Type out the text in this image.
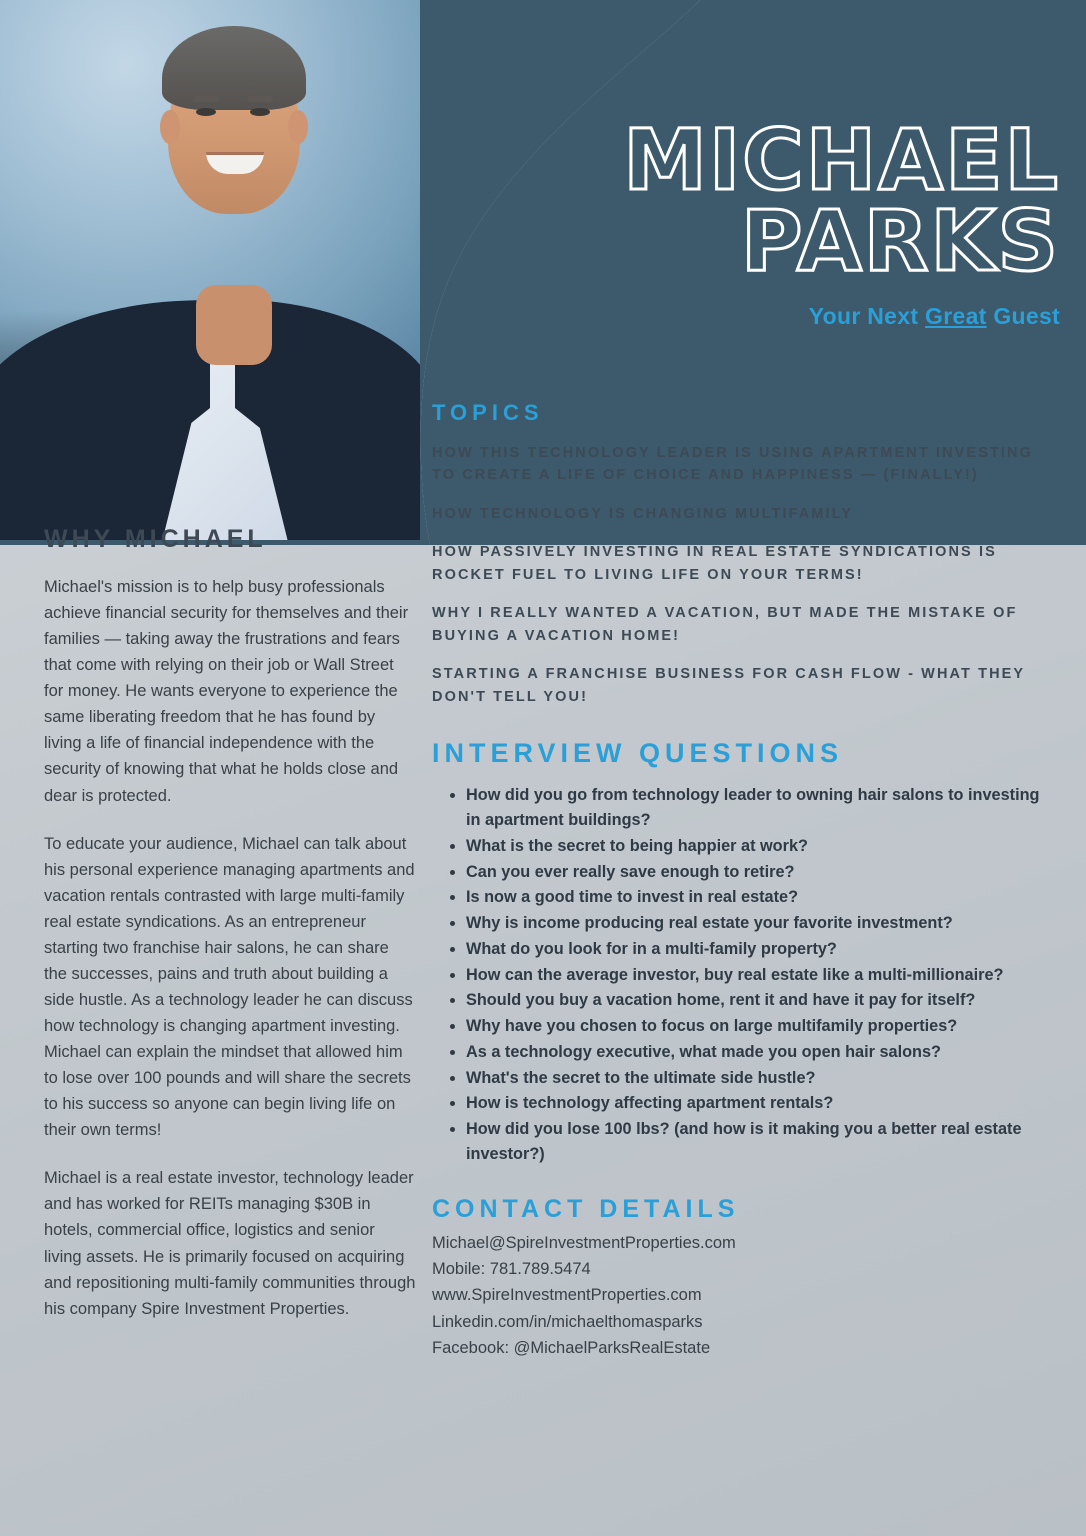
MICHAEL
PARKS
Your Next Great Guest
WHY MICHAEL

Michael's mission is to help busy professionals achieve financial security for themselves and their families — taking away the frustrations and fears that come with relying on their job or Wall Street for money. He wants everyone to experience the same liberating freedom that he has found by living a life of financial independence with the security of knowing that what he holds close and dear is protected.

To educate your audience, Michael can talk about his personal experience managing apartments and vacation rentals contrasted with large multi-family real estate syndications. As an entrepreneur starting two franchise hair salons, he can share the successes, pains and truth about building a side hustle. As a technology leader he can discuss how technology is changing apartment investing. Michael can explain the mindset that allowed him to lose over 100 pounds and will share the secrets to his success so anyone can begin living life on their own terms!

Michael is a real estate investor, technology leader and has worked for REITs managing $30B in hotels, commercial office, logistics and senior living assets. He is primarily focused on acquiring and repositioning multi-family communities through his company Spire Investment Properties.

TOPICS
HOW THIS TECHNOLOGY LEADER IS USING APARTMENT INVESTING TO CREATE A LIFE OF CHOICE AND HAPPINESS — (FINALLY!)
HOW TECHNOLOGY IS CHANGING MULTIFAMILY
HOW PASSIVELY INVESTING IN REAL ESTATE SYNDICATIONS IS ROCKET FUEL TO LIVING LIFE ON YOUR TERMS!
WHY I REALLY WANTED A VACATION, BUT MADE THE MISTAKE OF BUYING A VACATION HOME!
STARTING A FRANCHISE BUSINESS FOR CASH FLOW - WHAT THEY DON'T TELL YOU!
INTERVIEW QUESTIONS
• How did you go from technology leader to owning hair salons to investing in apartment buildings?
• What is the secret to being happier at work?
• Can you ever really save enough to retire?
• Is now a good time to invest in real estate?
• Why is income producing real estate your favorite investment?
• What do you look for in a multi-family property?
• How can the average investor, buy real estate like a multi-millionaire?
• Should you buy a vacation home, rent it and have it pay for itself?
• Why have you chosen to focus on large multifamily properties?
• As a technology executive, what made you open hair salons?
• What's the secret to the ultimate side hustle?
• How is technology affecting apartment rentals?
• How did you lose 100 lbs? (and how is it making you a better real estate investor?)
CONTACT DETAILS
Michael@SpireInvestmentProperties.com
Mobile: 781.789.5474
www.SpireInvestmentProperties.com
Linkedin.com/in/michaelthomasparks
Facebook: @MichaelParksRealEstate
